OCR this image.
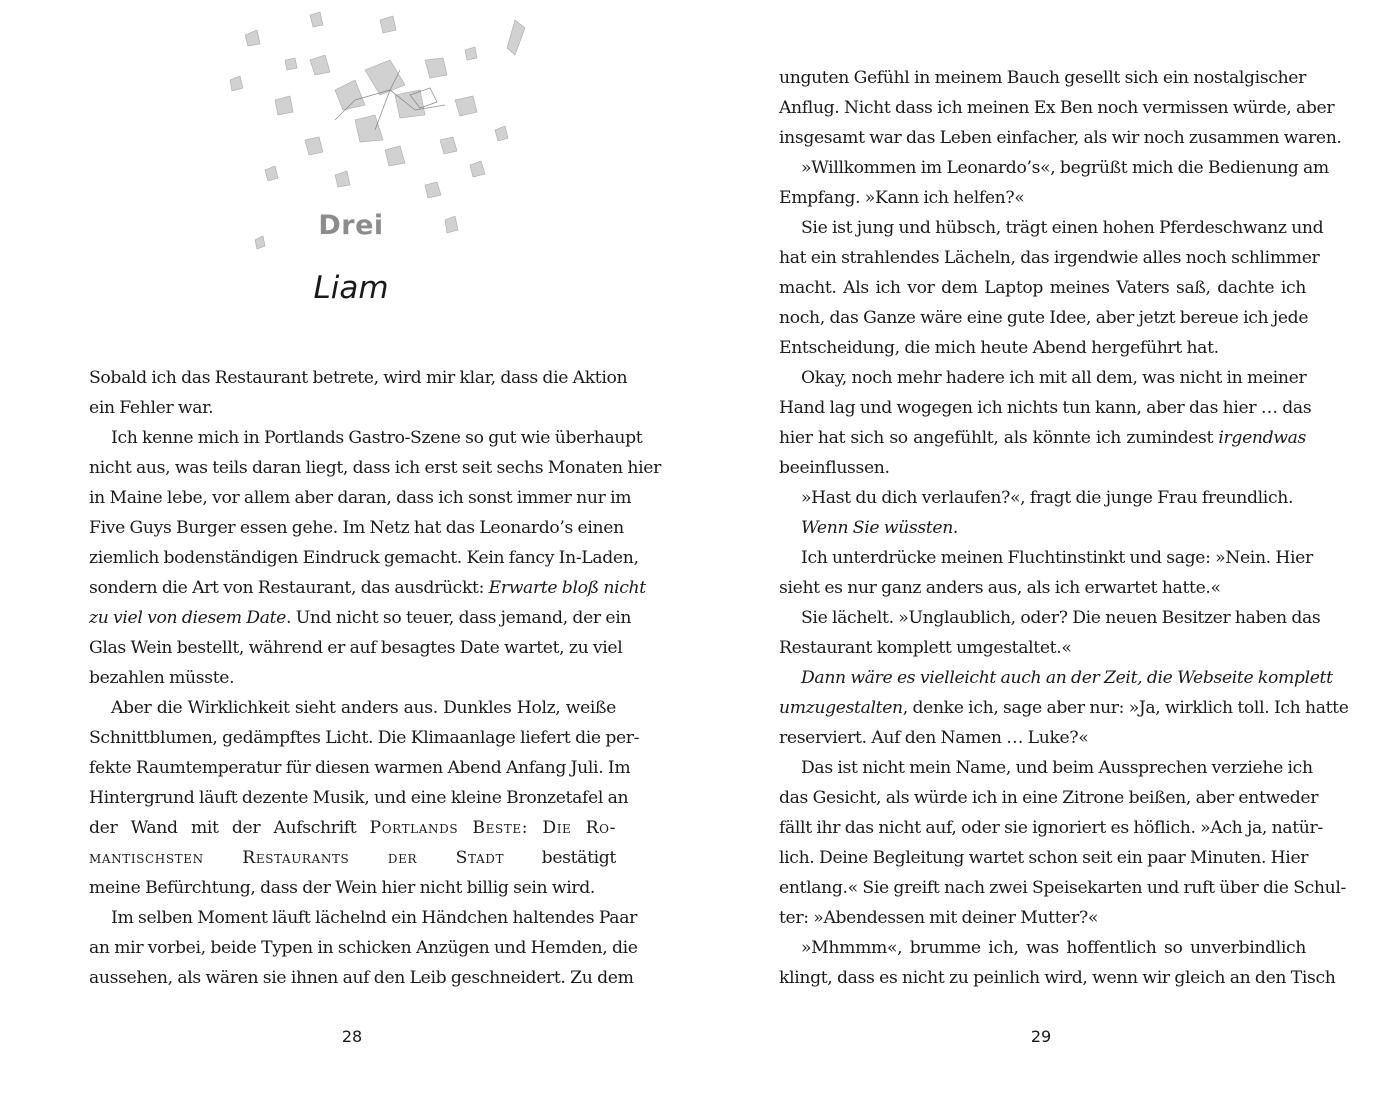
Drei
Liam
Sobald ich das Restaurant betrete, wird mir klar, dass die Aktion
ein Fehler war.
Ich kenne mich in Portlands Gastro-Szene so gut wie überhaupt
nicht aus, was teils daran liegt, dass ich erst seit sechs Monaten hier
in Maine lebe, vor allem aber daran, dass ich sonst immer nur im
Five Guys Burger essen gehe. Im Netz hat das Leonardo’s einen
ziemlich bodenständigen Eindruck gemacht. Kein fancy In-Laden,
sondern die Art von Restaurant, das ausdrückt: Erwarte bloß nicht
zu viel von diesem Date. Und nicht so teuer, dass jemand, der ein
Glas Wein bestellt, während er auf besagtes Date wartet, zu viel
bezahlen müsste.
Aber die Wirklichkeit sieht anders aus. Dunkles Holz, weiße
Schnittblumen, gedämpftes Licht. Die Klimaanlage liefert die per-
fekte Raumtemperatur für diesen warmen Abend Anfang Juli. Im
Hintergrund läuft dezente Musik, und eine kleine Bronzetafel an
der Wand mit der Aufschrift Portlands Beste: Die Ro-
mantischsten Restaurants der Stadt bestätigt
meine Befürchtung, dass der Wein hier nicht billig sein wird.
Im selben Moment läuft lächelnd ein Händchen haltendes Paar
an mir vorbei, beide Typen in schicken Anzügen und Hemden, die
aussehen, als wären sie ihnen auf den Leib geschneidert. Zu dem
28
unguten Gefühl in meinem Bauch gesellt sich ein nostalgischer
Anflug. Nicht dass ich meinen Ex Ben noch vermissen würde, aber
insgesamt war das Leben einfacher, als wir noch zusammen waren.
»Willkommen im Leonardo’s«, begrüßt mich die Bedienung am
Empfang. »Kann ich helfen?«
Sie ist jung und hübsch, trägt einen hohen Pferdeschwanz und
hat ein strahlendes Lächeln, das irgendwie alles noch schlimmer
macht. Als ich vor dem Laptop meines Vaters saß, dachte ich
noch, das Ganze wäre eine gute Idee, aber jetzt bereue ich jede
Entscheidung, die mich heute Abend hergeführt hat.
Okay, noch mehr hadere ich mit all dem, was nicht in meiner
Hand lag und wogegen ich nichts tun kann, aber das hier … das
hier hat sich so angefühlt, als könnte ich zumindest irgendwas
beeinflussen.
»Hast du dich verlaufen?«, fragt die junge Frau freundlich.
Wenn Sie wüssten.
Ich unterdrücke meinen Fluchtinstinkt und sage: »Nein. Hier
sieht es nur ganz anders aus, als ich erwartet hatte.«
Sie lächelt. »Unglaublich, oder? Die neuen Besitzer haben das
Restaurant komplett umgestaltet.«
Dann wäre es vielleicht auch an der Zeit, die Webseite komplett
umzugestalten, denke ich, sage aber nur: »Ja, wirklich toll. Ich hatte
reserviert. Auf den Namen … Luke?«
Das ist nicht mein Name, und beim Aussprechen verziehe ich
das Gesicht, als würde ich in eine Zitrone beißen, aber entweder
fällt ihr das nicht auf, oder sie ignoriert es höflich. »Ach ja, natür-
lich. Deine Begleitung wartet schon seit ein paar Minuten. Hier
entlang.« Sie greift nach zwei Speisekarten und ruft über die Schul-
ter: »Abendessen mit deiner Mutter?«
»Mhmmm«, brumme ich, was hoffentlich so unverbindlich
klingt, dass es nicht zu peinlich wird, wenn wir gleich an den Tisch
29
